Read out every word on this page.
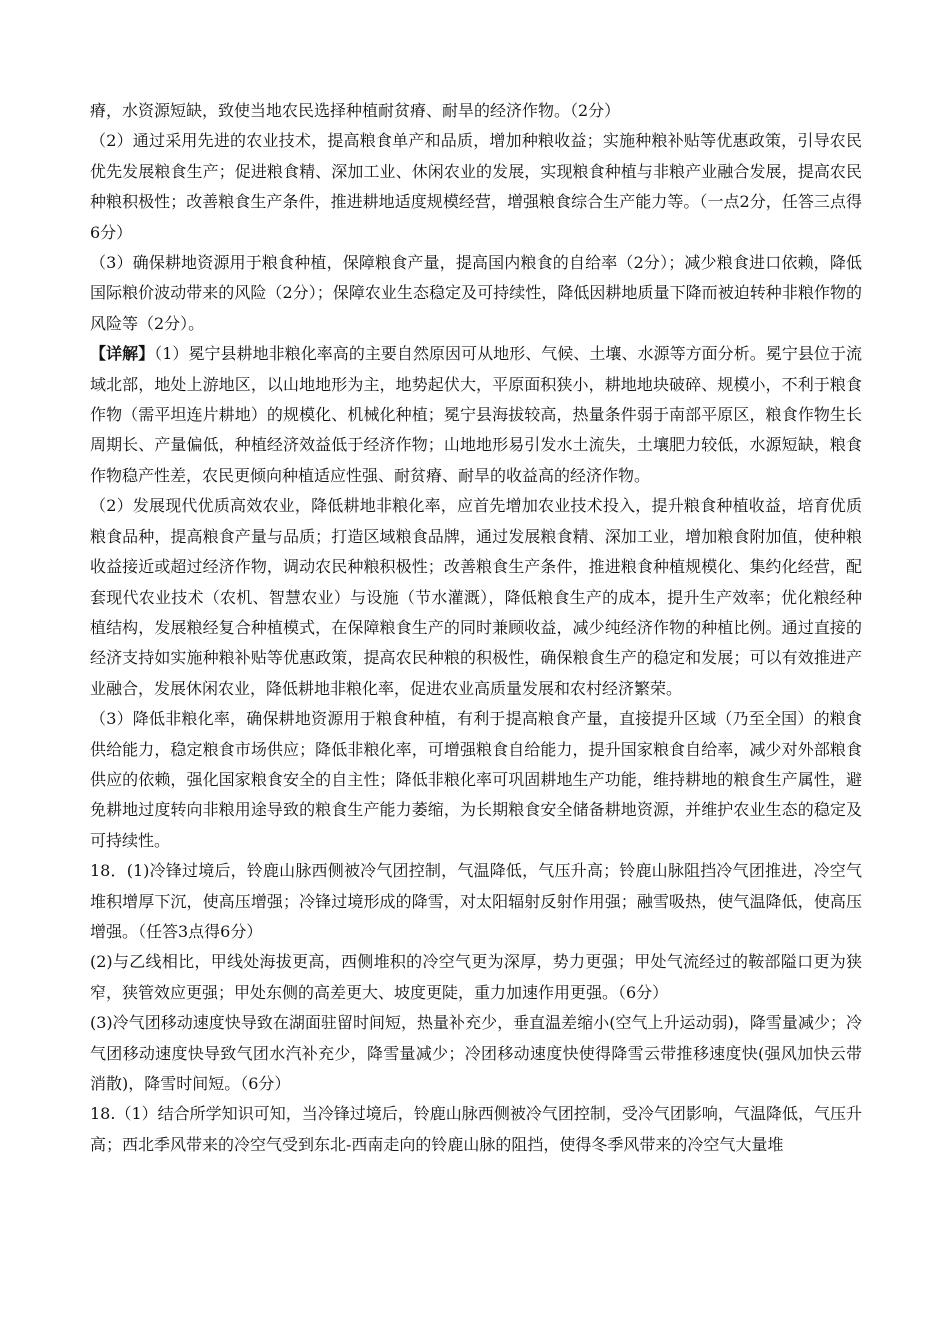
瘠，水资源短缺，致使当地农民选择种植耐贫瘠、耐旱的经济作物。（2分）

（2）通过采用先进的农业技术，提高粮食单产和品质，增加种粮收益；实施种粮补贴等优惠政策，引导农民优先发展粮食生产；促进粮食精、深加工业、休闲农业的发展，实现粮食种植与非粮产业融合发展，提高农民种粮积极性；改善粮食生产条件，推进耕地适度规模经营，增强粮食综合生产能力等。（一点2分，任答三点得6分）

（3）确保耕地资源用于粮食种植，保障粮食产量，提高国内粮食的自给率（2分）；减少粮食进口依赖，降低国际粮价波动带来的风险（2分）；保障农业生态稳定及可持续性，降低因耕地质量下降而被迫转种非粮作物的风险等（2分）。

【详解】（1）冕宁县耕地非粮化率高的主要自然原因可从地形、气候、土壤、水源等方面分析。冕宁县位于流域北部，地处上游地区，以山地地形为主，地势起伏大，平原面积狭小，耕地地块破碎、规模小，不利于粮食作物（需平坦连片耕地）的规模化、机械化种植；冕宁县海拔较高，热量条件弱于南部平原区，粮食作物生长周期长、产量偏低，种植经济效益低于经济作物；山地地形易引发水土流失，土壤肥力较低，水源短缺，粮食作物稳产性差，农民更倾向种植适应性强、耐贫瘠、耐旱的收益高的经济作物。

（2）发展现代优质高效农业，降低耕地非粮化率，应首先增加农业技术投入，提升粮食种植收益，培育优质粮食品种，提高粮食产量与品质；打造区域粮食品牌，通过发展粮食精、深加工业，增加粮食附加值，使种粮收益接近或超过经济作物，调动农民种粮积极性；改善粮食生产条件，推进粮食种植规模化、集约化经营，配套现代农业技术（农机、智慧农业）与设施（节水灌溉），降低粮食生产的成本，提升生产效率；优化粮经种植结构，发展粮经复合种植模式，在保障粮食生产的同时兼顾收益，减少纯经济作物的种植比例。通过直接的经济支持如实施种粮补贴等优惠政策，提高农民种粮的积极性，确保粮食生产的稳定和发展；可以有效推进产业融合，发展休闲农业，降低耕地非粮化率，促进农业高质量发展和农村经济繁荣。

（3）降低非粮化率，确保耕地资源用于粮食种植，有利于提高粮食产量，直接提升区域（乃至全国）的粮食供给能力，稳定粮食市场供应；降低非粮化率，可增强粮食自给能力，提升国家粮食自给率，减少对外部粮食供应的依赖，强化国家粮食安全的自主性；降低非粮化率可巩固耕地生产功能，维持耕地的粮食生产属性，避免耕地过度转向非粮用途导致的粮食生产能力萎缩，为长期粮食安全储备耕地资源，并维护农业生态的稳定及可持续性。

18．(1)冷锋过境后，铃鹿山脉西侧被冷气团控制，气温降低，气压升高；铃鹿山脉阻挡冷气团推进，冷空气堆积增厚下沉，使高压增强；冷锋过境形成的降雪，对太阳辐射反射作用强；融雪吸热，使气温降低，使高压增强。（任答3点得6分）

(2)与乙线相比，甲线处海拔更高，西侧堆积的冷空气更为深厚，势力更强；甲处气流经过的鞍部隘口更为狭窄，狭管效应更强；甲处东侧的高差更大、坡度更陡，重力加速作用更强。（6分）

(3)冷气团移动速度快导致在湖面驻留时间短，热量补充少，垂直温差缩小(空气上升运动弱)，降雪量减少；冷气团移动速度快导致气团水汽补充少，降雪量减少；冷团移动速度快使得降雪云带推移速度快(强风加快云带消散)，降雪时间短。（6分）

18.（1）结合所学知识可知，当冷锋过境后，铃鹿山脉西侧被冷气团控制，受冷气团影响，气温降低，气压升高；西北季风带来的冷空气受到东北-西南走向的铃鹿山脉的阻挡，使得冬季风带来的冷空气大量堆
